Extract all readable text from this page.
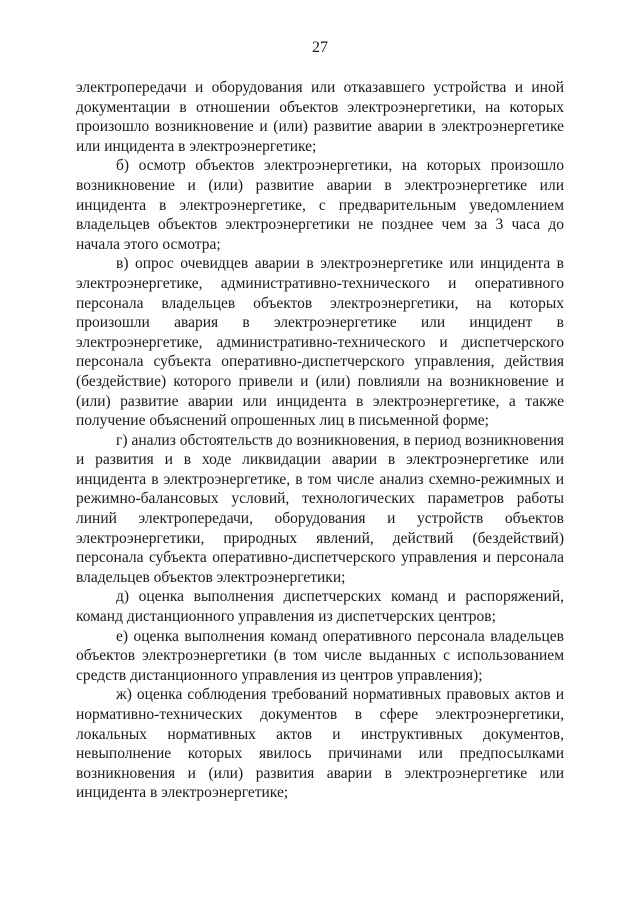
27

электропередачи и оборудования или отказавшего устройства и иной документации в отношении объектов электроэнергетики, на которых произошло возникновение и (или) развитие аварии в электроэнергетике или инцидента в электроэнергетике;

б) осмотр объектов электроэнергетики, на которых произошло возникновение и (или) развитие аварии в электроэнергетике или инцидента в электроэнергетике, с предварительным уведомлением владельцев объектов электроэнергетики не позднее чем за 3 часа до начала этого осмотра;

в) опрос очевидцев аварии в электроэнергетике или инцидента в электроэнергетике, административно-технического и оперативного персонала владельцев объектов электроэнергетики, на которых произошли авария в электроэнергетике или инцидент в электроэнергетике, административно-технического и диспетчерского персонала субъекта оперативно-диспетчерского управления, действия (бездействие) которого привели и (или) повлияли на возникновение и (или) развитие аварии или инцидента в электроэнергетике, а также получение объяснений опрошенных лиц в письменной форме;

г) анализ обстоятельств до возникновения, в период возникновения и развития и в ходе ликвидации аварии в электроэнергетике или инцидента в электроэнергетике, в том числе анализ схемно-режимных и режимно-балансовых условий, технологических параметров работы линий электропередачи, оборудования и устройств объектов электроэнергетики, природных явлений, действий (бездействий) персонала субъекта оперативно-диспетчерского управления и персонала владельцев объектов электроэнергетики;

д) оценка выполнения диспетчерских команд и распоряжений, команд дистанционного управления из диспетчерских центров;

е) оценка выполнения команд оперативного персонала владельцев объектов электроэнергетики (в том числе выданных с использованием средств дистанционного управления из центров управления);

ж) оценка соблюдения требований нормативных правовых актов и нормативно-технических документов в сфере электроэнергетики, локальных нормативных актов и инструктивных документов, невыполнение которых явилось причинами или предпосылками возникновения и (или) развития аварии в электроэнергетике или инцидента в электроэнергетике;
